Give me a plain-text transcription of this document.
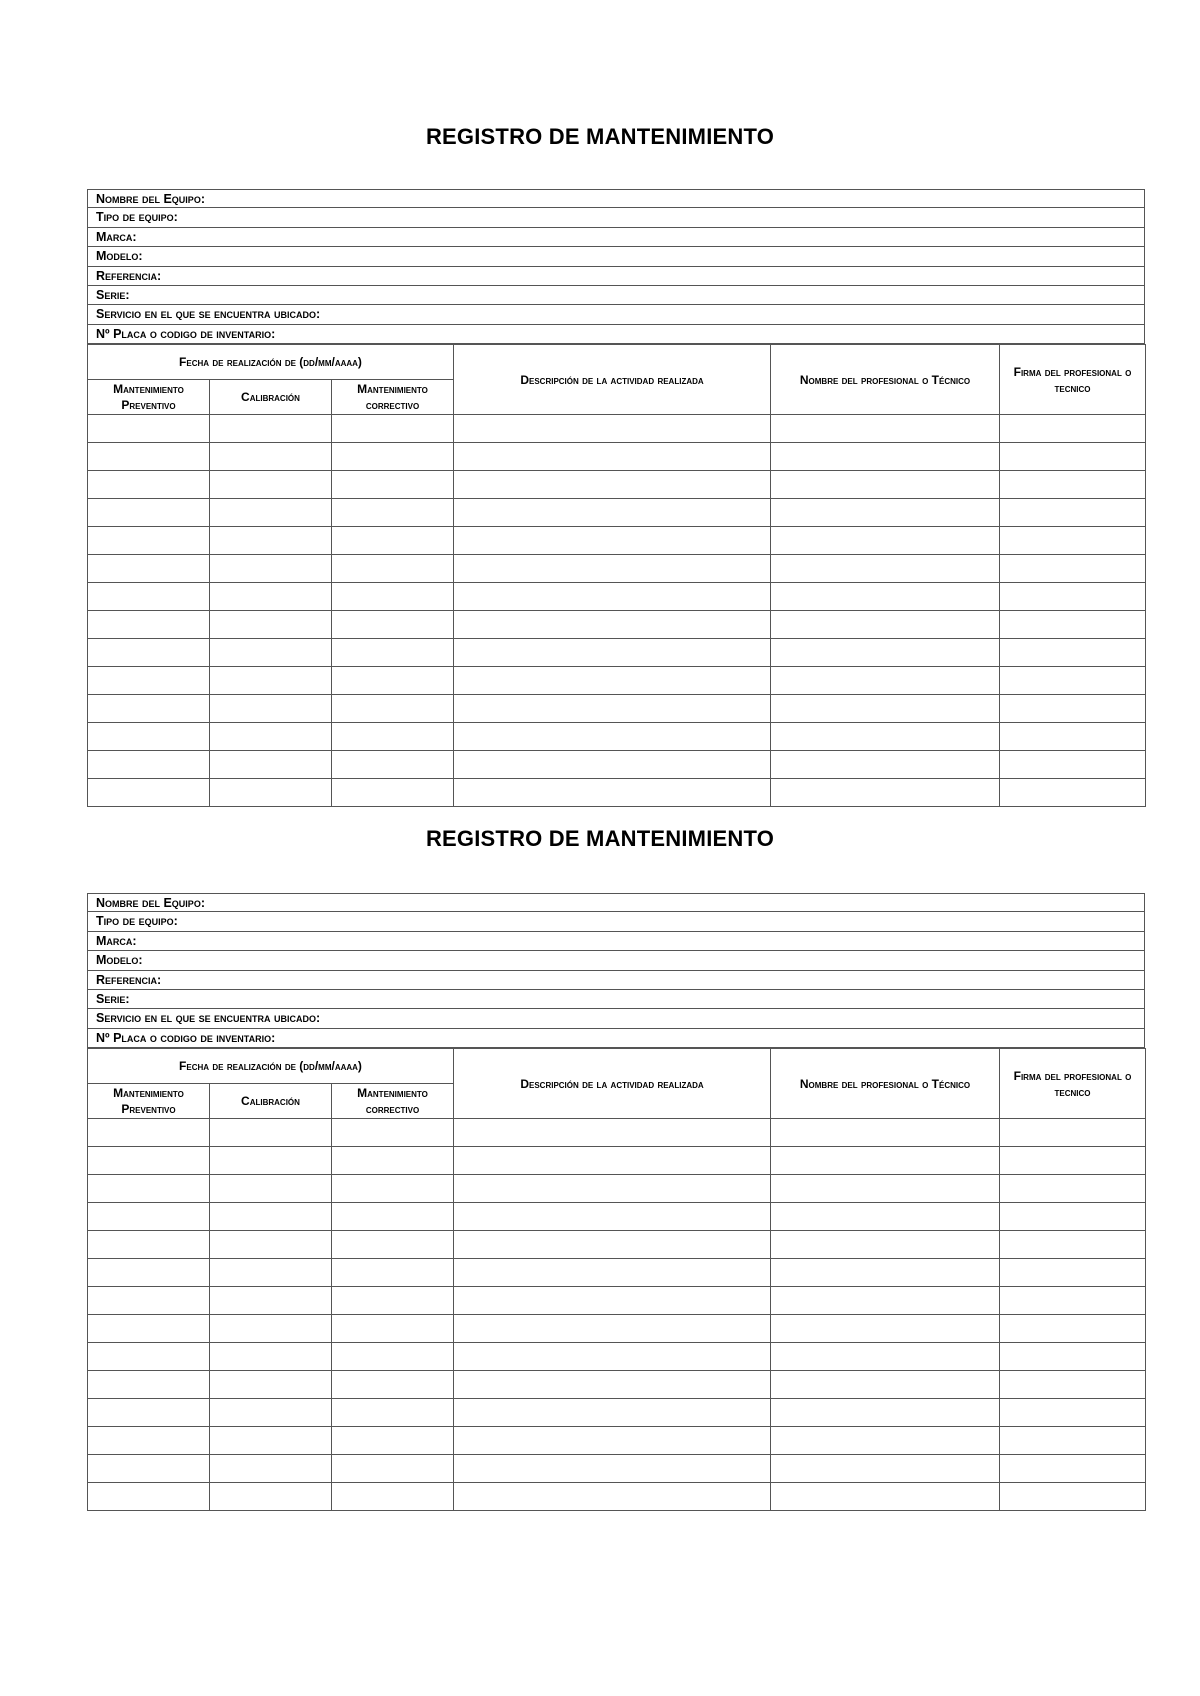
REGISTRO DE MANTENIMIENTO
Nombre del Equipo:
Tipo de equipo:
Marca:
Modelo:
Referencia:
Serie:
Servicio en el que se encuentra ubicado:
Nº Placa o codigo de inventario:
Fecha de realización de (dd/mm/aaaa)			Descripción de la actividad realizada	Nombre del profesional o Técnico	Firma del profesional o tecnico
Mantenimiento Preventivo	Calibración	Mantenimiento correctivo			

REGISTRO DE MANTENIMIENTO
Nombre del Equipo:
Tipo de equipo:
Marca:
Modelo:
Referencia:
Serie:
Servicio en el que se encuentra ubicado:
Nº Placa o codigo de inventario:
Fecha de realización de (dd/mm/aaaa)			Descripción de la actividad realizada	Nombre del profesional o Técnico	Firma del profesional o tecnico
Mantenimiento Preventivo	Calibración	Mantenimiento correctivo			
